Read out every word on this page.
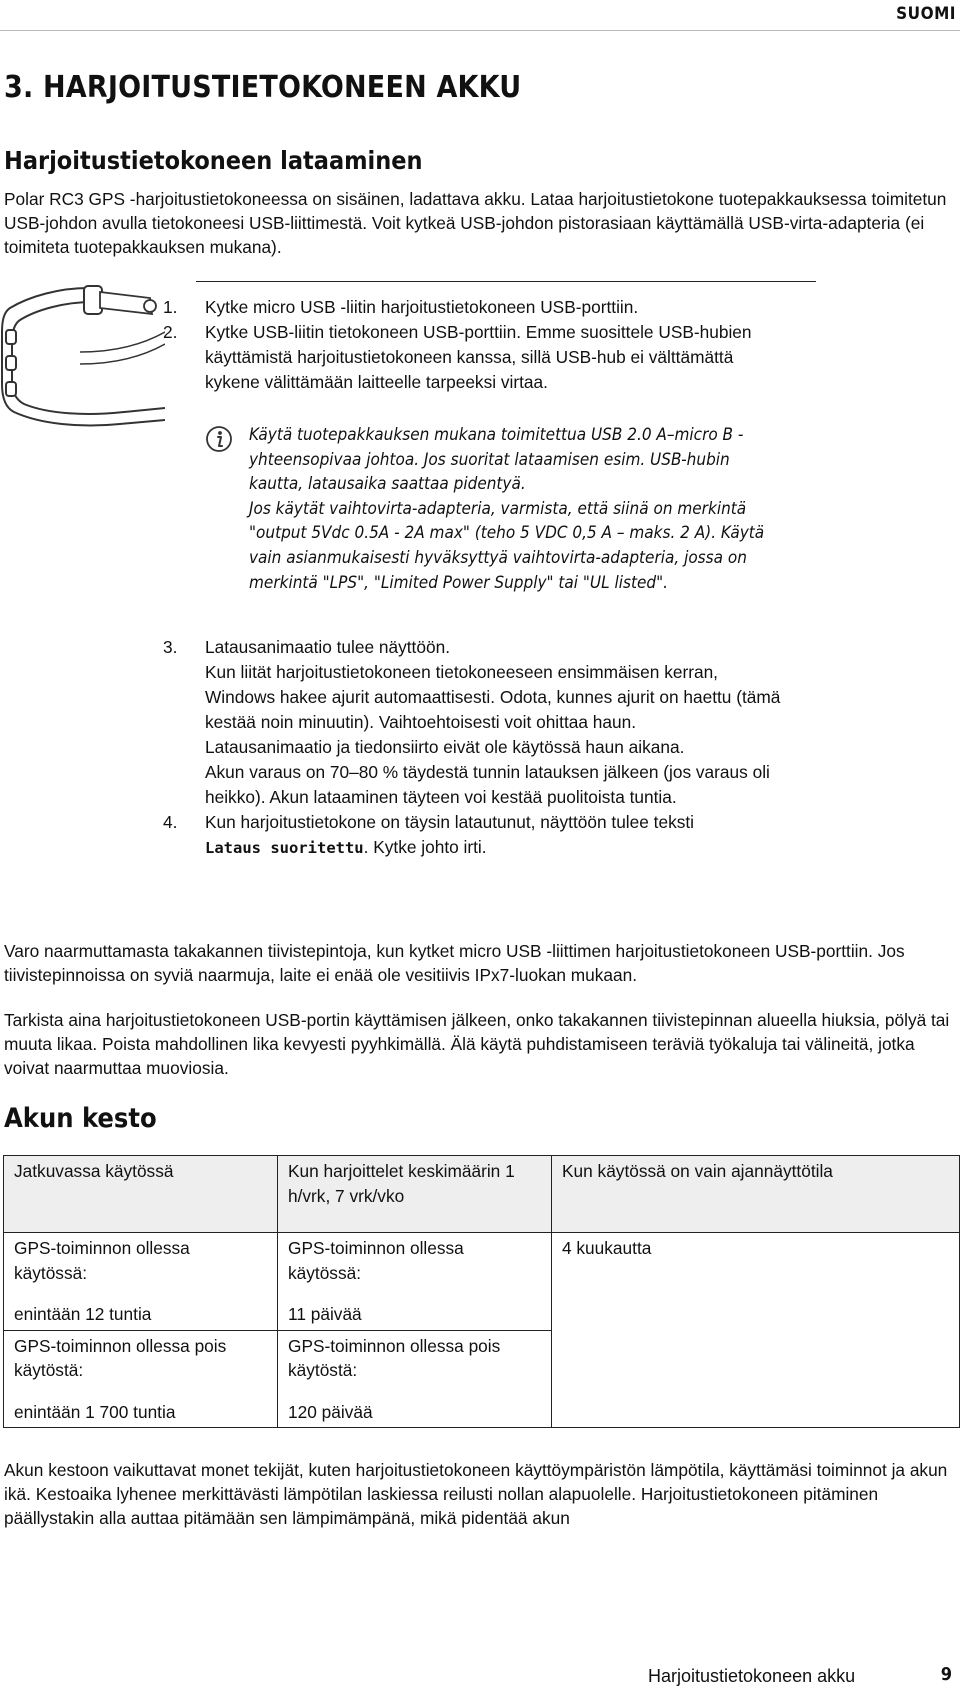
SUOMI
3. HARJOITUSTIETOKONEEN AKKU
Harjoitustietokoneen lataaminen
Polar RC3 GPS -harjoitustietokoneessa on sisäinen, ladattava akku. Lataa harjoitustietokone tuotepakkauksessa toimitetun USB-johdon avulla tietokoneesi USB-liittimestä. Voit kytkeä USB-johdon pistorasiaan käyttämällä USB-virta-adapteria (ei toimiteta tuotepakkauksen mukana).
1.	Kytke micro USB -liitin harjoitustietokoneen USB-porttiin.
2.	Kytke USB-liitin tietokoneen USB-porttiin. Emme suosittele USB-hubien käyttämistä harjoitustietokoneen kanssa, sillä USB-hub ei välttämättä kykene välittämään laitteelle tarpeeksi virtaa.
Käytä tuotepakkauksen mukana toimitettua USB 2.0 A–micro B -yhteensopivaa johtoa. Jos suoritat lataamisen esim. USB-hubin kautta, latausaika saattaa pidentyä.
Jos käytät vaihtovirta-adapteria, varmista, että siinä on merkintä "output 5Vdc 0.5A - 2A max" (teho 5 VDC 0,5 A – maks. 2 A). Käytä vain asianmukaisesti hyväksyttyä vaihtovirta-adapteria, jossa on merkintä "LPS", "Limited Power Supply" tai "UL listed".
3.	Latausanimaatio tulee näyttöön.
Kun liität harjoitustietokoneen tietokoneeseen ensimmäisen kerran, Windows hakee ajurit automaattisesti. Odota, kunnes ajurit on haettu (tämä kestää noin minuutin). Vaihtoehtoisesti voit ohittaa haun.
Latausanimaatio ja tiedonsiirto eivät ole käytössä haun aikana.
Akun varaus on 70–80 % täydestä tunnin latauksen jälkeen (jos varaus oli heikko). Akun lataaminen täyteen voi kestää puolitoista tuntia.
4.	Kun harjoitustietokone on täysin latautunut, näyttöön tulee teksti
Lataus suoritettu. Kytke johto irti.
Varo naarmuttamasta takakannen tiivistepintoja, kun kytket micro USB -liittimen harjoitustietokoneen USB-porttiin. Jos tiivistepinnoissa on syviä naarmuja, laite ei enää ole vesitiivis IPx7-luokan mukaan.
Tarkista aina harjoitustietokoneen USB-portin käyttämisen jälkeen, onko takakannen tiivistepinnan alueella hiuksia, pölyä tai muuta likaa. Poista mahdollinen lika kevyesti pyyhkimällä. Älä käytä puhdistamiseen teräviä työkaluja tai välineitä, jotka voivat naarmuttaa muoviosia.
Akun kesto
Jatkuvassa käytössä	Kun harjoittelet keskimäärin 1 h/vrk, 7 vrk/vko	Kun käytössä on vain ajannäyttötila
GPS-toiminnon ollessa käytössä:	GPS-toiminnon ollessa käytössä:	4 kuukautta
enintään 12 tuntia	11 päivää	
GPS-toiminnon ollessa pois käytöstä:	GPS-toiminnon ollessa pois käytöstä:	
enintään 1 700 tuntia	120 päivää	
Akun kestoon vaikuttavat monet tekijät, kuten harjoitustietokoneen käyttöympäristön lämpötila, käyttämäsi toiminnot ja akun ikä. Kestoaika lyhenee merkittävästi lämpötilan laskiessa reilusti nollan alapuolelle. Harjoitustietokoneen pitäminen päällystakin alla auttaa pitämään sen lämpimämpänä, mikä pidentää akun
Harjoitustietokoneen akku	9
